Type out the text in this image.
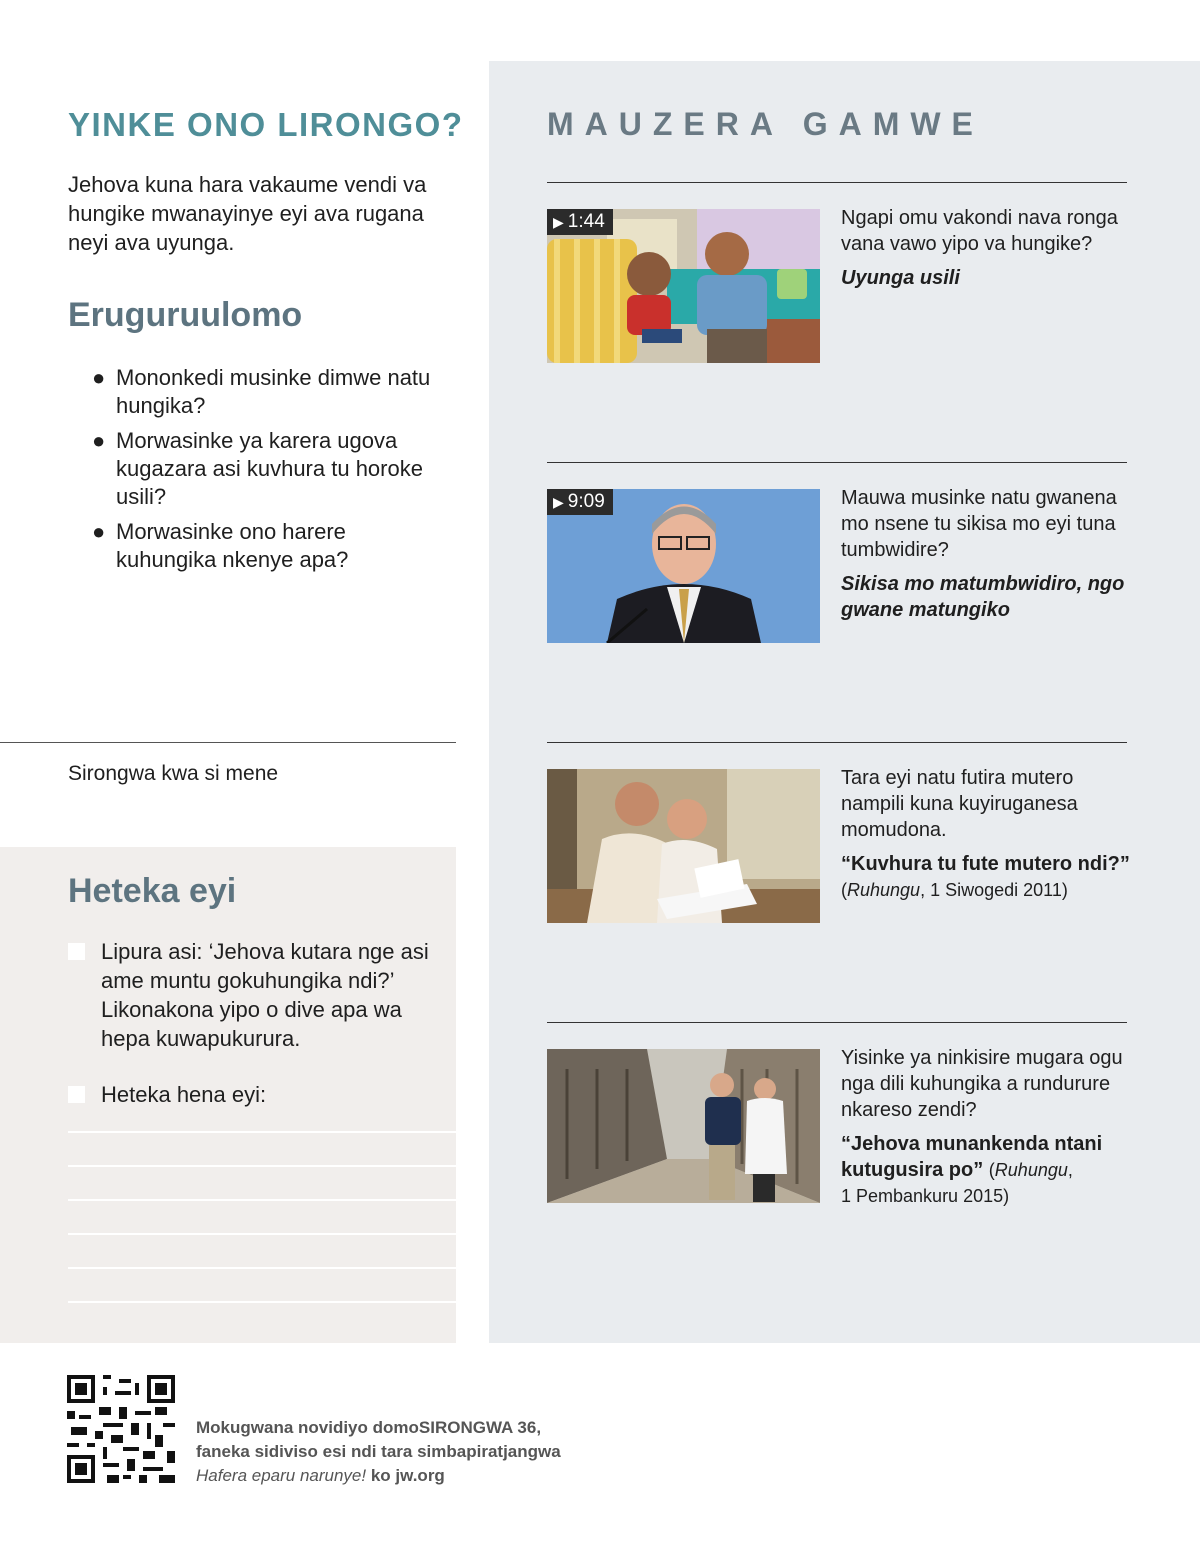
YINKE ONO LIRONGO?
Jehova kuna hara vakaume vendi va hungike mwanayinye eyi ava rugana neyi ava uyunga.
Eruguruulomo
● Mononkedi musinke dimwe natu hungika?
● Morwasinke ya karera ugova kugazara asi kuvhura tu horoke usili?
● Morwasinke ono harere kuhungika nkenye apa?
Sirongwa kwa si mene
Heteka eyi
Lipura asi: ‘Jehova kutara nge asi ame muntu gokuhungika ndi?’ Likonakona yipo o dive apa wa hepa kuwapukurura.
Heteka hena eyi:
MAUZERA GAMWE
▶ 1:44	Ngapi omu vakondi nava ronga vana vawo yipo va hungike?
Uyunga usili
▶ 9:09	Mauwa musinke natu gwanena mo nsene tu sikisa mo eyi tuna tumbwidire?
Sikisa mo matumbwidiro, ngo gwane matungiko
Tara eyi natu futira mutero nampili kuna kuyiruganesa momudona.
“Kuvhura tu fute mutero ndi?”
(Ruhungu, 1 Siwogedi 2011)
Yisinke ya ninkisire mugara ogu nga dili kuhungika a rundurure nkareso zendi?
“Jehova munankenda ntani kutugusira po” (Ruhungu,
1 Pembankuru 2015)
Mokugwana novidiyo domoSIRONGWA 36,
faneka sidiviso esi ndi tara simbapiratjangwa
Hafera eparu narunye! ko jw.org
